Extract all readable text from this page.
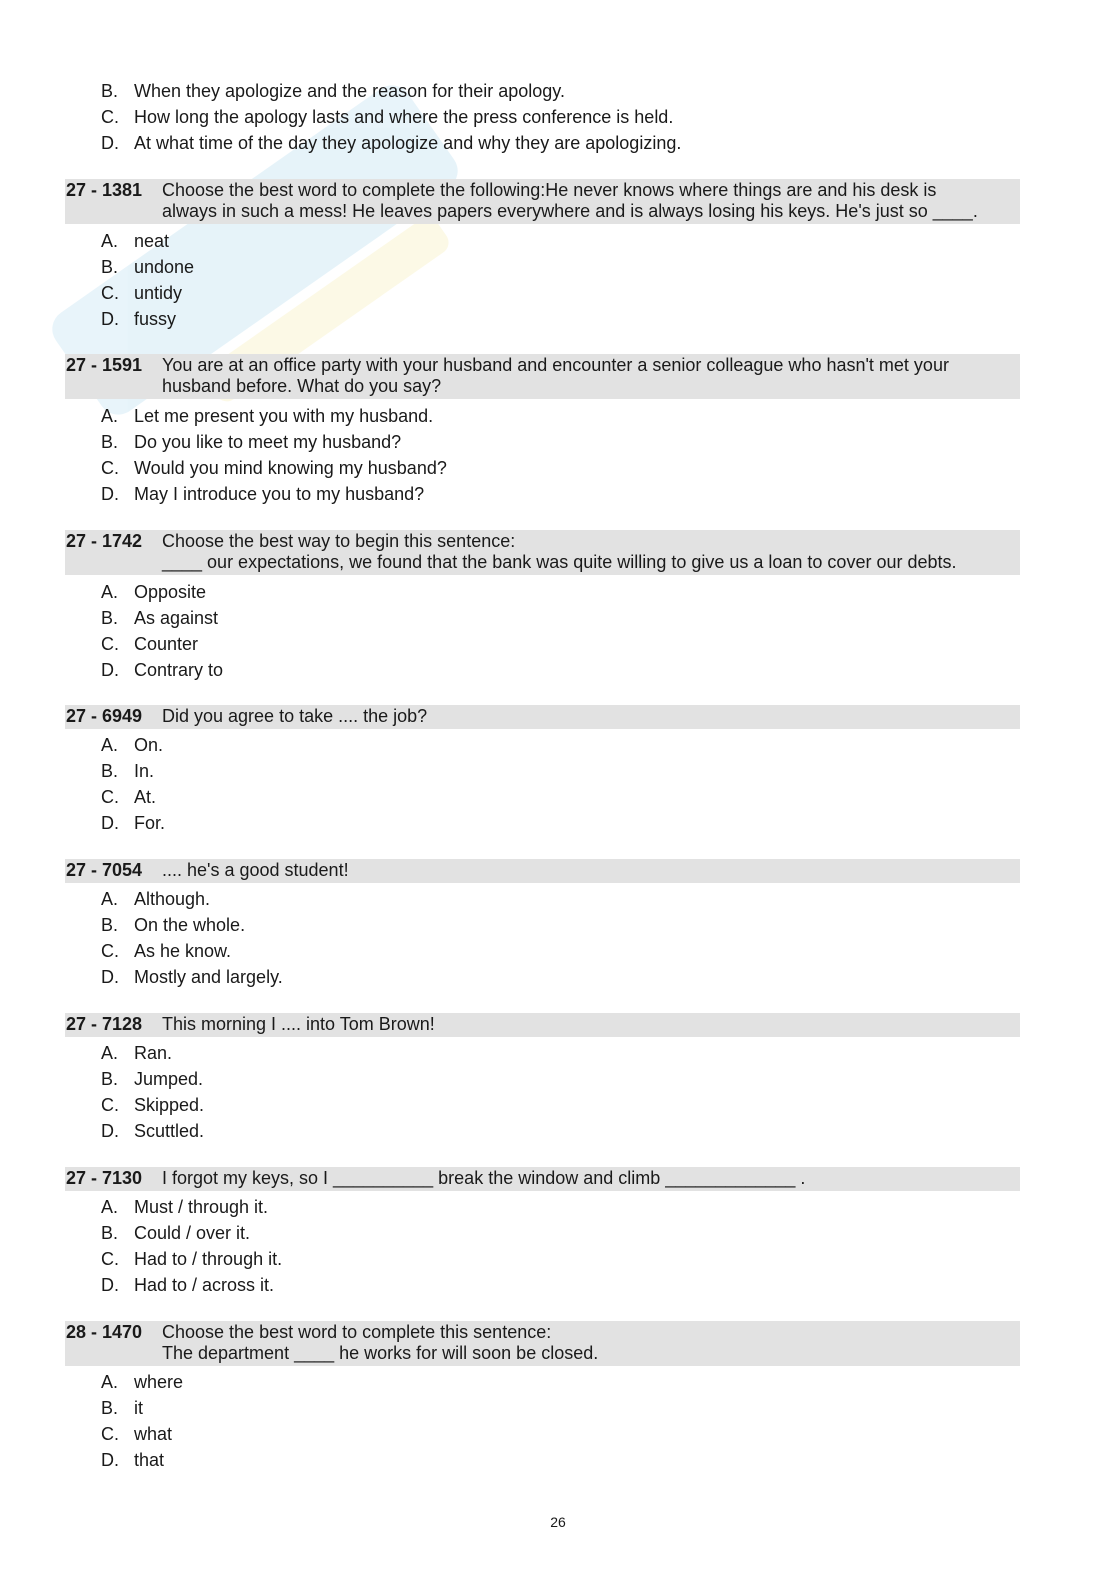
B. When they apologize and the reason for their apology.
C. How long the apology lasts and where the press conference is held.
D. At what time of the day they apologize and why they are apologizing.
27 - 1381 Choose the best word to complete the following:He never knows where things are and his desk is
always in such a mess! He leaves papers everywhere and is always losing his keys. He's just so ____.
A. neat
B. undone
C. untidy
D. fussy
27 - 1591 You are at an office party with your husband and encounter a senior colleague who hasn't met your
husband before. What do you say?
A. Let me present you with my husband.
B. Do you like to meet my husband?
C. Would you mind knowing my husband?
D. May I introduce you to my husband?
27 - 1742 Choose the best way to begin this sentence:
____ our expectations, we found that the bank was quite willing to give us a loan to cover our debts.
A. Opposite
B. As against
C. Counter
D. Contrary to
27 - 6949 Did you agree to take .... the job?
A. On.
B. In.
C. At.
D. For.
27 - 7054 .... he's a good student!
A. Although.
B. On the whole.
C. As he know.
D. Mostly and largely.
27 - 7128 This morning I .... into Tom Brown!
A. Ran.
B. Jumped.
C. Skipped.
D. Scuttled.
27 - 7130 I forgot my keys, so I __________ break the window and climb _____________ .
A. Must / through it.
B. Could / over it.
C. Had to / through it.
D. Had to / across it.
28 - 1470 Choose the best word to complete this sentence:
The department ____ he works for will soon be closed.
A. where
B. it
C. what
D. that
26
